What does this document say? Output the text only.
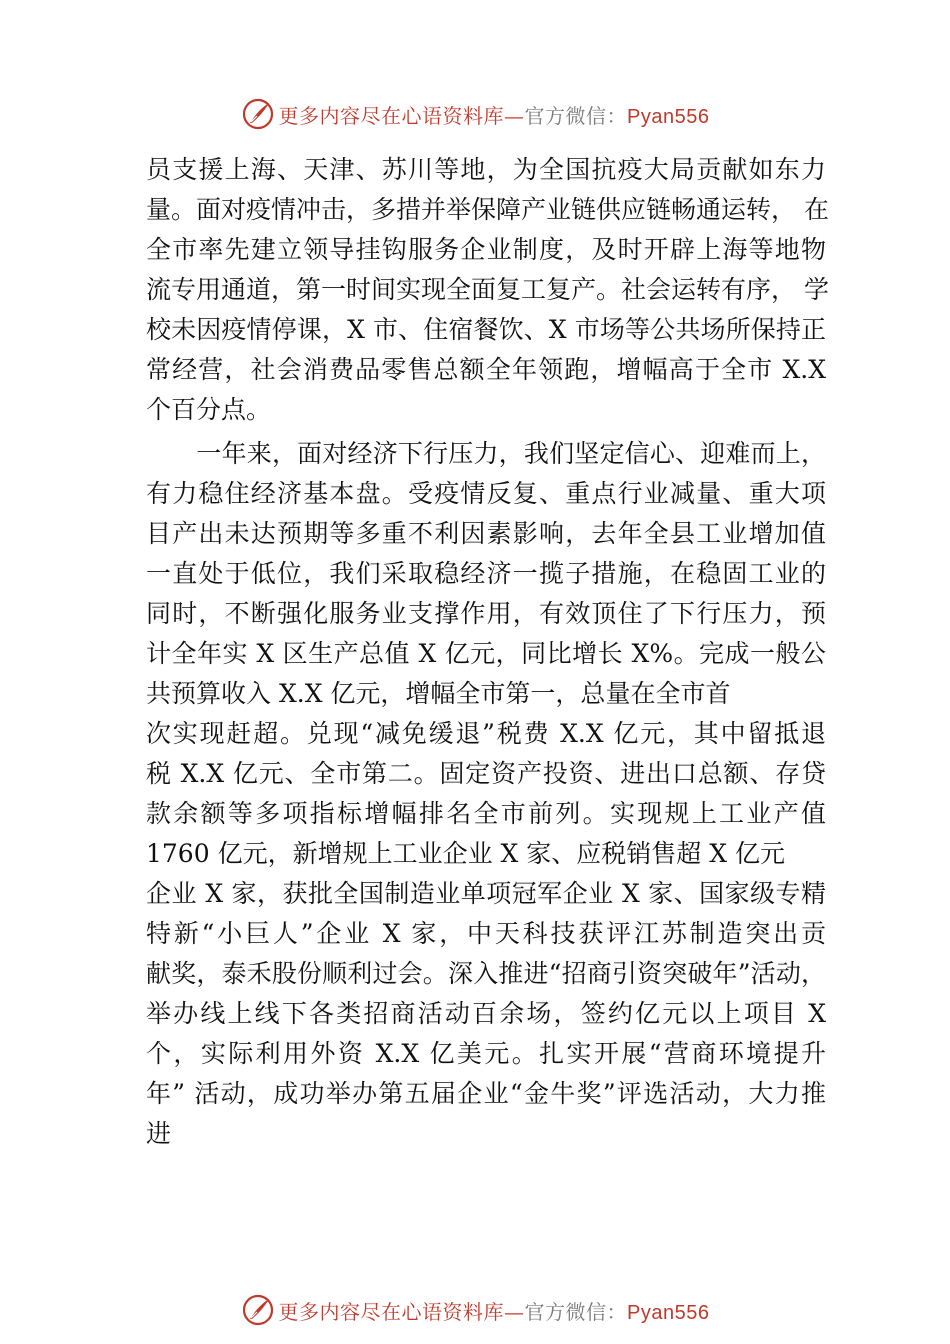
更多内容尽在心语资料库—官方微信：Pyan556
员支援上海、天津、苏川等地，为全国抗疫大局贡献如东力
量。面对疫情冲击，多措并举保障产业链供应链畅通运转， 在
全市率先建立领导挂钩服务企业制度，及时开辟上海等地物
流专用通道，第一时间实现全面复工复产。社会运转有序， 学
校未因疫情停课，X 市、住宿餐饮、X 市场等公共场所保持正
常经营，社会消费品零售总额全年领跑，增幅高于全市 X.X
个百分点。
　　一年来，面对经济下行压力，我们坚定信心、迎难而上，
有力稳住经济基本盘。受疫情反复、重点行业减量、重大项
目产出未达预期等多重不利因素影响，去年全县工业增加值
一直处于低位，我们采取稳经济一揽子措施，在稳固工业的
同时，不断强化服务业支撑作用，有效顶住了下行压力，预
计全年实 X 区生产总值 X 亿元，同比增长 X%。完成一般公
共预算收入 X.X 亿元，增幅全市第一，总量在全市首
次实现赶超。兑现“减免缓退”税费 X.X 亿元，其中留抵退
税 X.X 亿元、全市第二。固定资产投资、进出口总额、存贷
款余额等多项指标增幅排名全市前列。实现规上工业产值
1760 亿元，新增规上工业企业 X 家、应税销售超 X 亿元
企业 X 家，获批全国制造业单项冠军企业 X 家、国家级专精
特新“小巨人”企业 X 家，中天科技获评江苏制造突出贡
献奖，泰禾股份顺利过会。深入推进“招商引资突破年”活动，
举办线上线下各类招商活动百余场，签约亿元以上项目 X
个，实际利用外资 X.X 亿美元。扎实开展“营商环境提升
年” 活动，成功举办第五届企业“金牛奖”评选活动，大力推
进
更多内容尽在心语资料库—官方微信：Pyan556
